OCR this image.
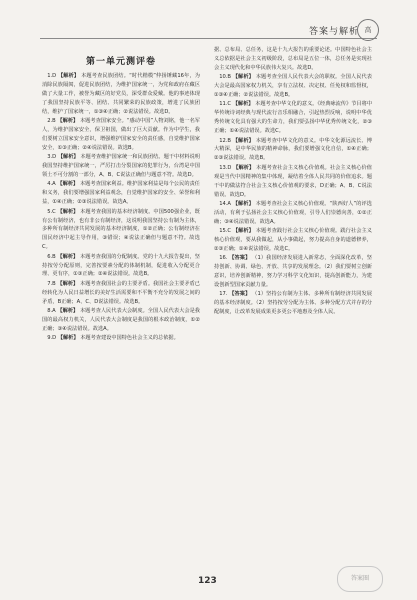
答案与解析 高
第一单元测评卷
1.D 【解析】 本题考查民族团结。“时代楷模”仲扬锤藏16年，为消除民族隔阂，促进民族团结，为维护国家统一，为党和政府在藏区做了大量工作，被誉为藏区的好党员，深受群众爱戴。他的事迹体现了我国坚持民族平等、团结、共同繁荣的民族政策，增进了民族团结，维护了国家统一，①③④正确；②说法错误。故选D。
2.B 【解析】 本题考查国家安全。“感动中国”人物刘铭，他一名军人，为维护国家安全，保卫祖国，做出了巨大贡献。作为中学生，我们要树立国家安全意识，增强维护国家安全的责任感，自觉维护国家安全，①③正确；②④说法错误。故选B。
3.D 【解析】 本题考查维护国家统一和民族团结。题干中材料说明我国坚持维护国家统一，严厉打击分裂国家的犯罪行为，台湾是中国领土不可分割的一部分，A、B、C说法正确但与题意不符。故选D。
4.A 【解析】 本题考查国家利益。维护国家利益是每个公民的责任和义务，我们要增强国家利益观念，自觉维护国家的安全、荣誉和利益，①④正确；②③说法错误。故选A。
5.C 【解析】 本题考查我国的基本经济制度。中国500强企业，既有公有制经济，也有非公有制经济，这说明我国坚持公有制为主体，多种所有制经济共同发展的基本经济制度，①②正确；公有制经济在国民经济中起主导作用，③错误；④说法正确但与题意不符。故选C。
6.B 【解析】 本题考查我国的分配制度。党的十九大报告提出，坚持按劳分配原则，完善按要素分配的体制机制，促进收入分配更合理、更有序，①③正确；②④说法错误。故选B。
7.B 【解析】 本题考查我国社会的主要矛盾。我国社会主要矛盾已经转化为人民日益增长的美好生活需要和不平衡不充分的发展之间的矛盾，B正确；A、C、D说法错误。故选B。
8.A 【解析】 本题考查人民代表大会制度。全国人民代表大会是我国的最高权力机关，人民代表大会制度是我国的根本政治制度，①②正确；③④说法错误。故选A。
9.D 【解析】 本题考查建设中国特色社会主义的总依据。
据、总布局、总任务，这是十九大报告的重要论述。中国特色社会主义总依据是社会主义初级阶段，总布局是五位一体，总任务是实现社会主义现代化和中华民族伟大复兴。故选D。
10.B 【解析】 本题考查全国人民代表大会的职权。全国人民代表大会是最高国家权力机关，享有立法权、决定权、任免权和监督权，①③④正确；②说法错误。故选B。
11.C 【解析】 本题考查中华文化的意义。《经典咏流传》节目将中华传统诗词经典与现代流行音乐相融合，引起热烈反响，说明中华优秀传统文化具有强大的生命力，我们要弘扬中华优秀传统文化，②③正确；①④说法错误。故选C。
12.B 【解析】 本题考查中华文化的意义。中华文化源远流长、博大精深，是中华民族的精神命脉，我们要增强文化自信，①④正确；②③说法错误。故选B。
13.D 【解析】 本题考查社会主义核心价值观。社会主义核心价值观是当代中国精神的集中体现，凝结着全体人民共同的价值追求。题干中的做法符合社会主义核心价值观的要求，D正确；A、B、C说法错误。故选D。
14.A 【解析】 本题考查社会主义核心价值观。“陕西好人”的评选活动，有利于弘扬社会主义核心价值观，引导人们崇德向善，①②正确；③④说法错误。故选A。
15.C 【解析】 本题考查践行社会主义核心价值观。践行社会主义核心价值观，要从我做起，从小事做起，努力提高自身的道德修养，②③正确；①④说法错误。故选C。
16. 【答案】 （1）我国经济发展进入新常态，全面深化改革，坚持创新、协调、绿色、开放、共享的发展理念。（2）我们要树立创新意识，培养创新精神，努力学习科学文化知识，提高创新能力，为建设创新型国家贡献力量。
17. 【答案】 （1）坚持公有制为主体、多种所有制经济共同发展的基本经济制度。（2）坚持按劳分配为主体、多种分配方式并存的分配制度，让改革发展成果更多更公平地惠及全体人民。
123	答案圈
